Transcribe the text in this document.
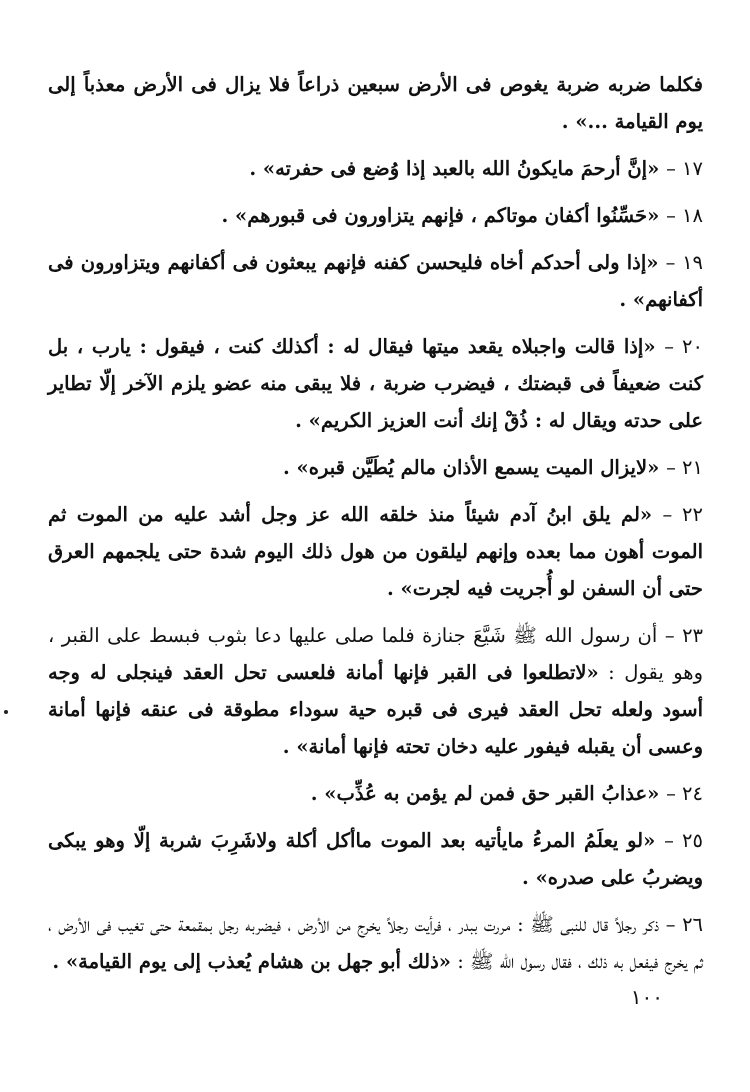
فكلما ضربه ضربة يغوص فى الأرض سبعين ذراعاً فلا يزال فى الأرض معذباً إلى يوم القيامة ...» .

١٧ – «إنَّ أرحمَ مايكونُ الله بالعبد إذا وُضع فى حفرته» .

١٨ – «حَسِّنُوا أكفان موتاكم ، فإنهم يتزاورون فى قبورهم» .

١٩ – «إذا ولى أحدكم أخاه فليحسن كفنه فإنهم يبعثون فى أكفانهم ويتزاورون فى أكفانهم» .

٢٠ – «إذا قالت واجبلاه يقعد ميتها فيقال له : أكذلك كنت ، فيقول : يارب ، بل كنت ضعيفاً فى قبضتك ، فيضرب ضربة ، فلا يبقى منه عضو يلزم الآخر إلّا تطاير على حدته ويقال له : ذُقْ إنك أنت العزيز الكريم» .

٢١ – «لايزال الميت يسمع الأذان مالم يُطَيَّن قبره» .

٢٢ – «لم يلق ابنُ آدم شيئاً منذ خلقه الله عز وجل أشد عليه من الموت ثم الموت أهون مما بعده وإنهم ليلقون من هول ذلك اليوم شدة حتى يلجمهم العرق حتى أن السفن لو أُجريت فيه لجرت» .

٢٣ – أن رسول الله ﷺ شَيَّعَ جنازة فلما صلى عليها دعا بثوب فبسط على القبر ، وهو يقول : «لاتطلعوا فى القبر فإنها أمانة فلعسى تحل العقد فينجلى له وجه أسود ولعله تحل العقد فيرى فى قبره حية سوداء مطوقة فى عنقه فإنها أمانة وعسى أن يقبله فيفور عليه دخان تحته فإنها أمانة» .

٢٤ – «عذابُ القبر حق فمن لم يؤمن به عُذِّب» .

٢٥ – «لو يعلَمُ المرءُ مايأتيه بعد الموت ماأكل أكلة ولاشَرِبَ شربة إلّا وهو يبكى ويضربُ على صدره» .

٢٦ – ذكر رجلاً قال للنبى ﷺ : مررت ببدر ، فرأيت رجلاً يخرج من الأرض ، فيضربه رجل بمقمعة حتى تغيب فى الأرض ، ثم يخرج فيفعل به ذلك ، فقال رسول الله ﷺ : «ذلك أبو جهل بن هشام يُعذب إلى يوم القيامة» .

١٠٠
